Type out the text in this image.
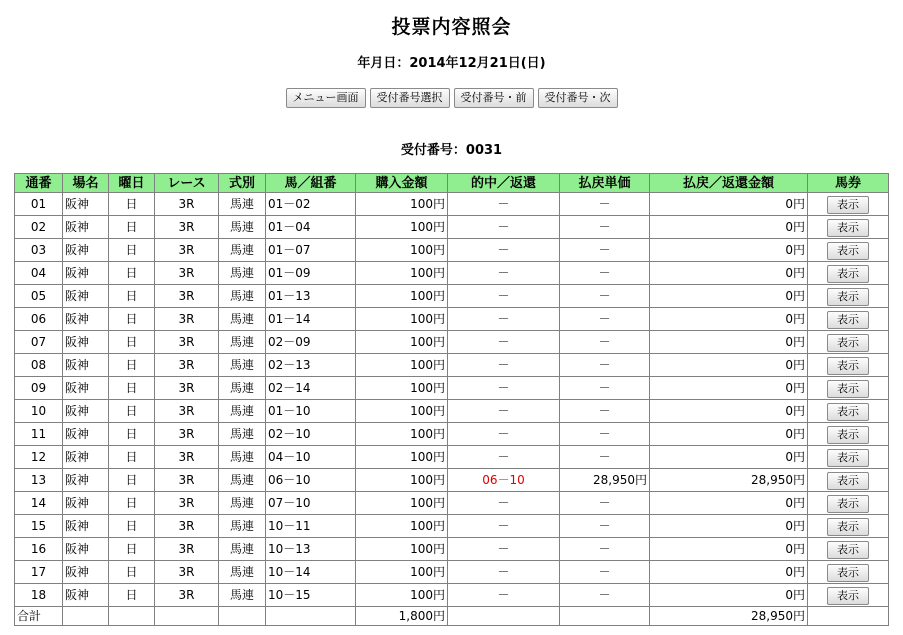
投票内容照会
年月日：2014年12月21日(日)
メニュー画面 受付番号選択 受付番号・前 受付番号・次
受付番号：0031
通番	場名	曜日	レース	式別	馬／組番	購入金額	的中／返還	払戻単価	払戻／返還金額	馬券
01	阪神	日	3R	馬連	01－02	100円	－	－	0円	表示
02	阪神	日	3R	馬連	01－04	100円	－	－	0円	表示
03	阪神	日	3R	馬連	01－07	100円	－	－	0円	表示
04	阪神	日	3R	馬連	01－09	100円	－	－	0円	表示
05	阪神	日	3R	馬連	01－13	100円	－	－	0円	表示
06	阪神	日	3R	馬連	01－14	100円	－	－	0円	表示
07	阪神	日	3R	馬連	02－09	100円	－	－	0円	表示
08	阪神	日	3R	馬連	02－13	100円	－	－	0円	表示
09	阪神	日	3R	馬連	02－14	100円	－	－	0円	表示
10	阪神	日	3R	馬連	01－10	100円	－	－	0円	表示
11	阪神	日	3R	馬連	02－10	100円	－	－	0円	表示
12	阪神	日	3R	馬連	04－10	100円	－	－	0円	表示
13	阪神	日	3R	馬連	06－10	100円	06－10	28,950円	28,950円	表示
14	阪神	日	3R	馬連	07－10	100円	－	－	0円	表示
15	阪神	日	3R	馬連	10－11	100円	－	－	0円	表示
16	阪神	日	3R	馬連	10－13	100円	－	－	0円	表示
17	阪神	日	3R	馬連	10－14	100円	－	－	0円	表示
18	阪神	日	3R	馬連	10－15	100円	－	－	0円	表示
合計						1,800円			28,950円	
